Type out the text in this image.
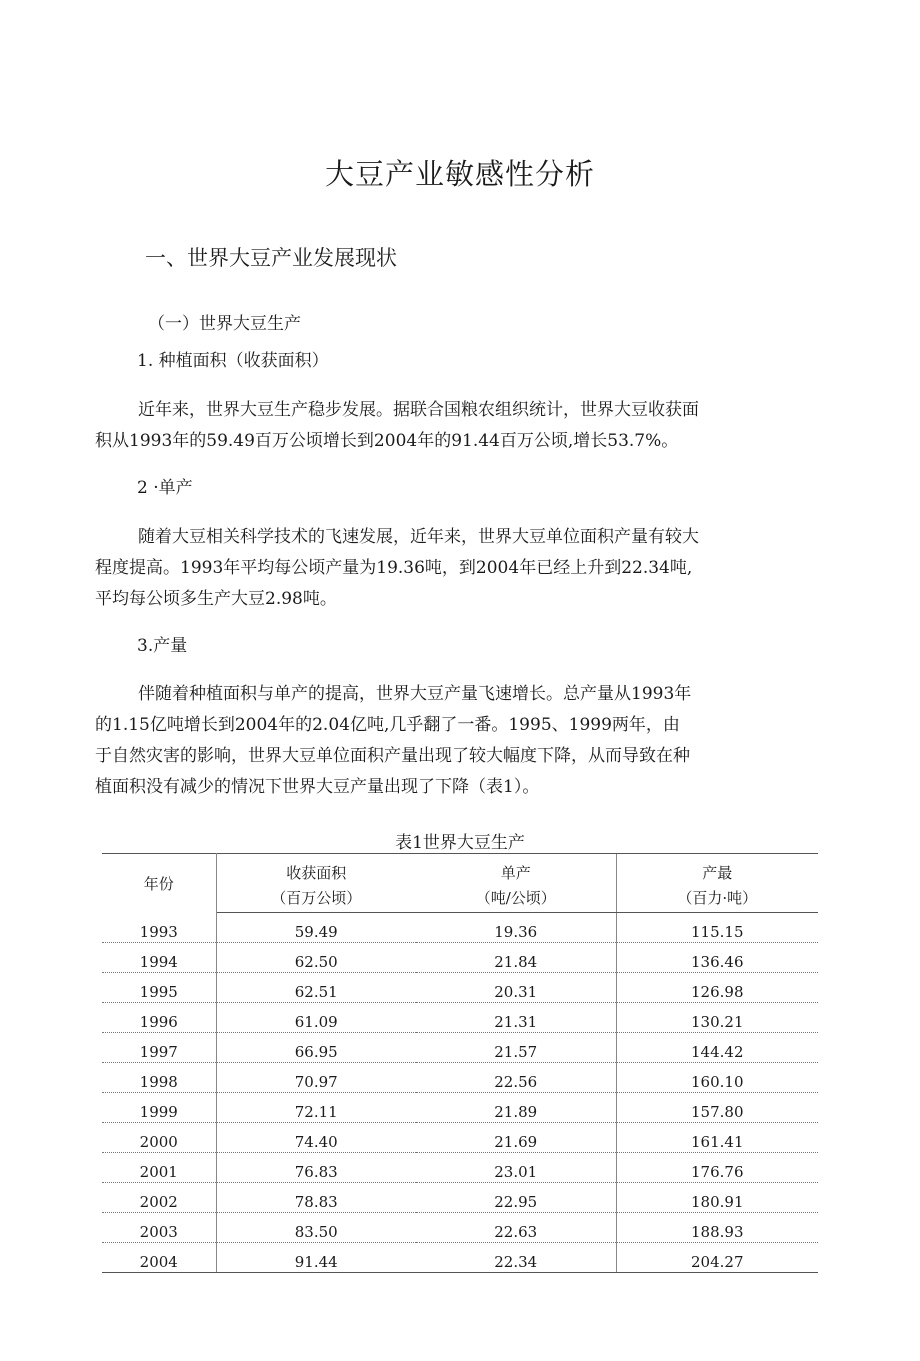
大豆产业敏感性分析
一、世界大豆产业发展现状
（一）世界大豆生产
1. 种植面积（收获面积）
近年来，世界大豆生产稳步发展。据联合国粮农组织统计，世界大豆收获面
积从1993年的59.49百万公顷增长到2004年的91.44百万公顷,增长53.7%。
2 ·单产
随着大豆相关科学技术的飞速发展，近年来，世界大豆单位面积产量有较大
程度提高。1993年平均每公顷产量为19.36吨，到2004年已经上升到22.34吨,
平均每公顷多生产大豆2.98吨。
3.产量
伴随着种植面积与单产的提高，世界大豆产量飞速增长。总产量从1993年
的1.15亿吨增长到2004年的2.04亿吨,几乎翻了一番。1995、1999两年，由
于自然灾害的影响，世界大豆单位面积产量出现了较大幅度下降，从而导致在种
植面积没有减少的情况下世界大豆产量出现了下降（表1）。
表1世界大豆生产
年份	收获面积	单产	产最

	（百万公顷）	（吨/公顷）	（百力·吨）

1993	59.49	19.36	115.15
1994	62.50	21.84	136.46
1995	62.51	20.31	126.98
1996	61.09	21.31	130.21
1997	66.95	21.57	144.42
1998	70.97	22.56	160.10
1999	72.11	21.89	157.80
2000	74.40	21.69	161.41
2001	76.83	23.01	176.76
2002	78.83	22.95	180.91
2003	83.50	22.63	188.93
2004	91.44	22.34	204.27
